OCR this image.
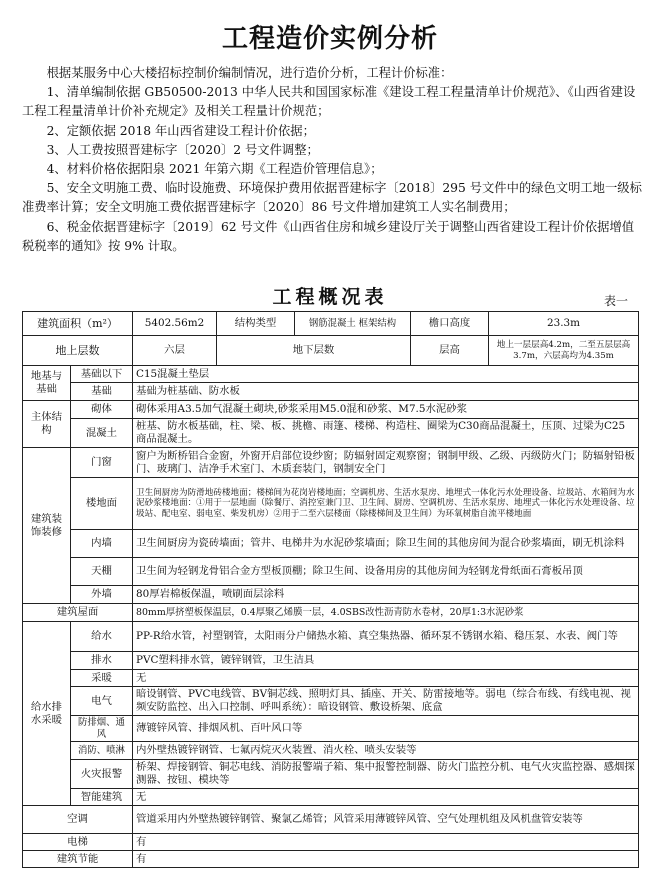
工程造价实例分析

根据某服务中心大楼招标控制价编制情况，进行造价分析，工程计价标准：

1、清单编制依据 GB50500-2013 中华人民共和国国家标准《建设工程工程量清单计价规范》、《山西省建设工程工程量清单计价补充规定》及相关工程量计价规范；

2、定额依据 2018 年山西省建设工程计价依据；

3、人工费按照晋建标字〔2020〕2 号文件调整；

4、材料价格依据阳泉 2021 年第六期《工程造价管理信息》；

5、安全文明施工费、临时设施费、环境保护费用依据晋建标字〔2018〕295 号文件中的绿色文明工地一级标准费率计算；安全文明施工费依据晋建标字〔2020〕86 号文件增加建筑工人实名制费用；

6、税金依据晋建标字〔2019〕62 号文件《山西省住房和城乡建设厅关于调整山西省建设工程计价依据增值税税率的通知》按 9% 计取。

工程概况表	表一
建筑面积（m²）		5402.56m2	结构类型	钢筋混凝土 框架结构	檐口高度	23.3m
地上层数		六层	地下层数		层高	地上一层层高4.2m，二至五层层高3.7m，六层高均为4.35m
地基与基础	基础以下	C15混凝土垫层				
	基础	基础为桩基础、防水板				
主体结构	砌体	砌体采用A3.5加气混凝土砌块,砂浆采用M5.0混和砂浆、M7.5水泥砂浆				
	混凝土	桩基、防水板基础，柱、梁、板、挑檐、雨篷、楼梯、构造柱、圈梁为C30商品混凝土，压顶、过梁为C25商品混凝土。				
建筑装饰装修	门窗	窗户为断桥铝合金窗，外窗开启部位设纱窗；防辐射固定观察窗；钢制甲级、乙级、丙级防火门；防辐射铅板门、玻璃门、洁净手术室门、木质套装门，钢制安全门				
	楼地面	卫生间厨房为防滑地砖楼地面；楼梯间为花岗岩楼地面；空调机房、生活水泵房、地埋式一体化污水处理设备、垃圾站、水箱间为水泥砂浆楼地面：①用于一层地面（除餐厅、消控室兼门卫、卫生间、厨房、空调机房、生活水泵房、地埋式一体化污水处理设备、垃圾站、配电室、弱电室、柴发机房）②用于二至六层楼面（除楼梯间及卫生间）为环氧树脂自流平楼地面				
	内墙	卫生间厨房为瓷砖墙面；管井、电梯井为水泥砂浆墙面；除卫生间的其他房间为混合砂浆墙面，刷无机涂料				
	天棚	卫生间为轻钢龙骨铝合金方型板顶棚；除卫生间、设备用房的其他房间为轻钢龙骨纸面石膏板吊顶				
	外墙	80厚岩棉板保温，喷刷面层涂料				
建筑屋面		80mm厚挤塑板保温层，0.4厚聚乙烯膜一层，4.0SBS改性沥青防水卷材，20厚1:3水泥砂浆				
给水排水采暖	给水	PP-R给水管，衬塑钢管，太阳雨分户储热水箱、真空集热器、循环泵不锈钢水箱、稳压泵、水表、阀门等				
	排水	PVC塑料排水管，镀锌钢管，卫生洁具				
	采暖	无				
	电气	暗设钢管、PVC电线管、BV铜芯线、照明灯具、插座、开关、防雷接地等。弱电（综合布线、有线电视、视频安防监控、出入口控制、呼叫系统）：暗设钢管、敷设桥架、底盒				
	防排烟、通风	薄镀锌风管、排烟风机、百叶风口等				
	消防、喷淋	内外壁热镀锌钢管、七氟丙烷灭火装置、消火栓、喷头安装等				
	火灾报警	桥架、焊接钢管、铜芯电线、消防报警端子箱、集中报警控制器、防火门监控分机、电气火灾监控器、感烟探测器、按钮、模块等				
	智能建筑	无				
空调		管道采用内外壁热镀锌钢管、聚氯乙烯管；风管采用薄镀锌风管、空气处理机组及风机盘管安装等				
电梯		有				
建筑节能		有				
